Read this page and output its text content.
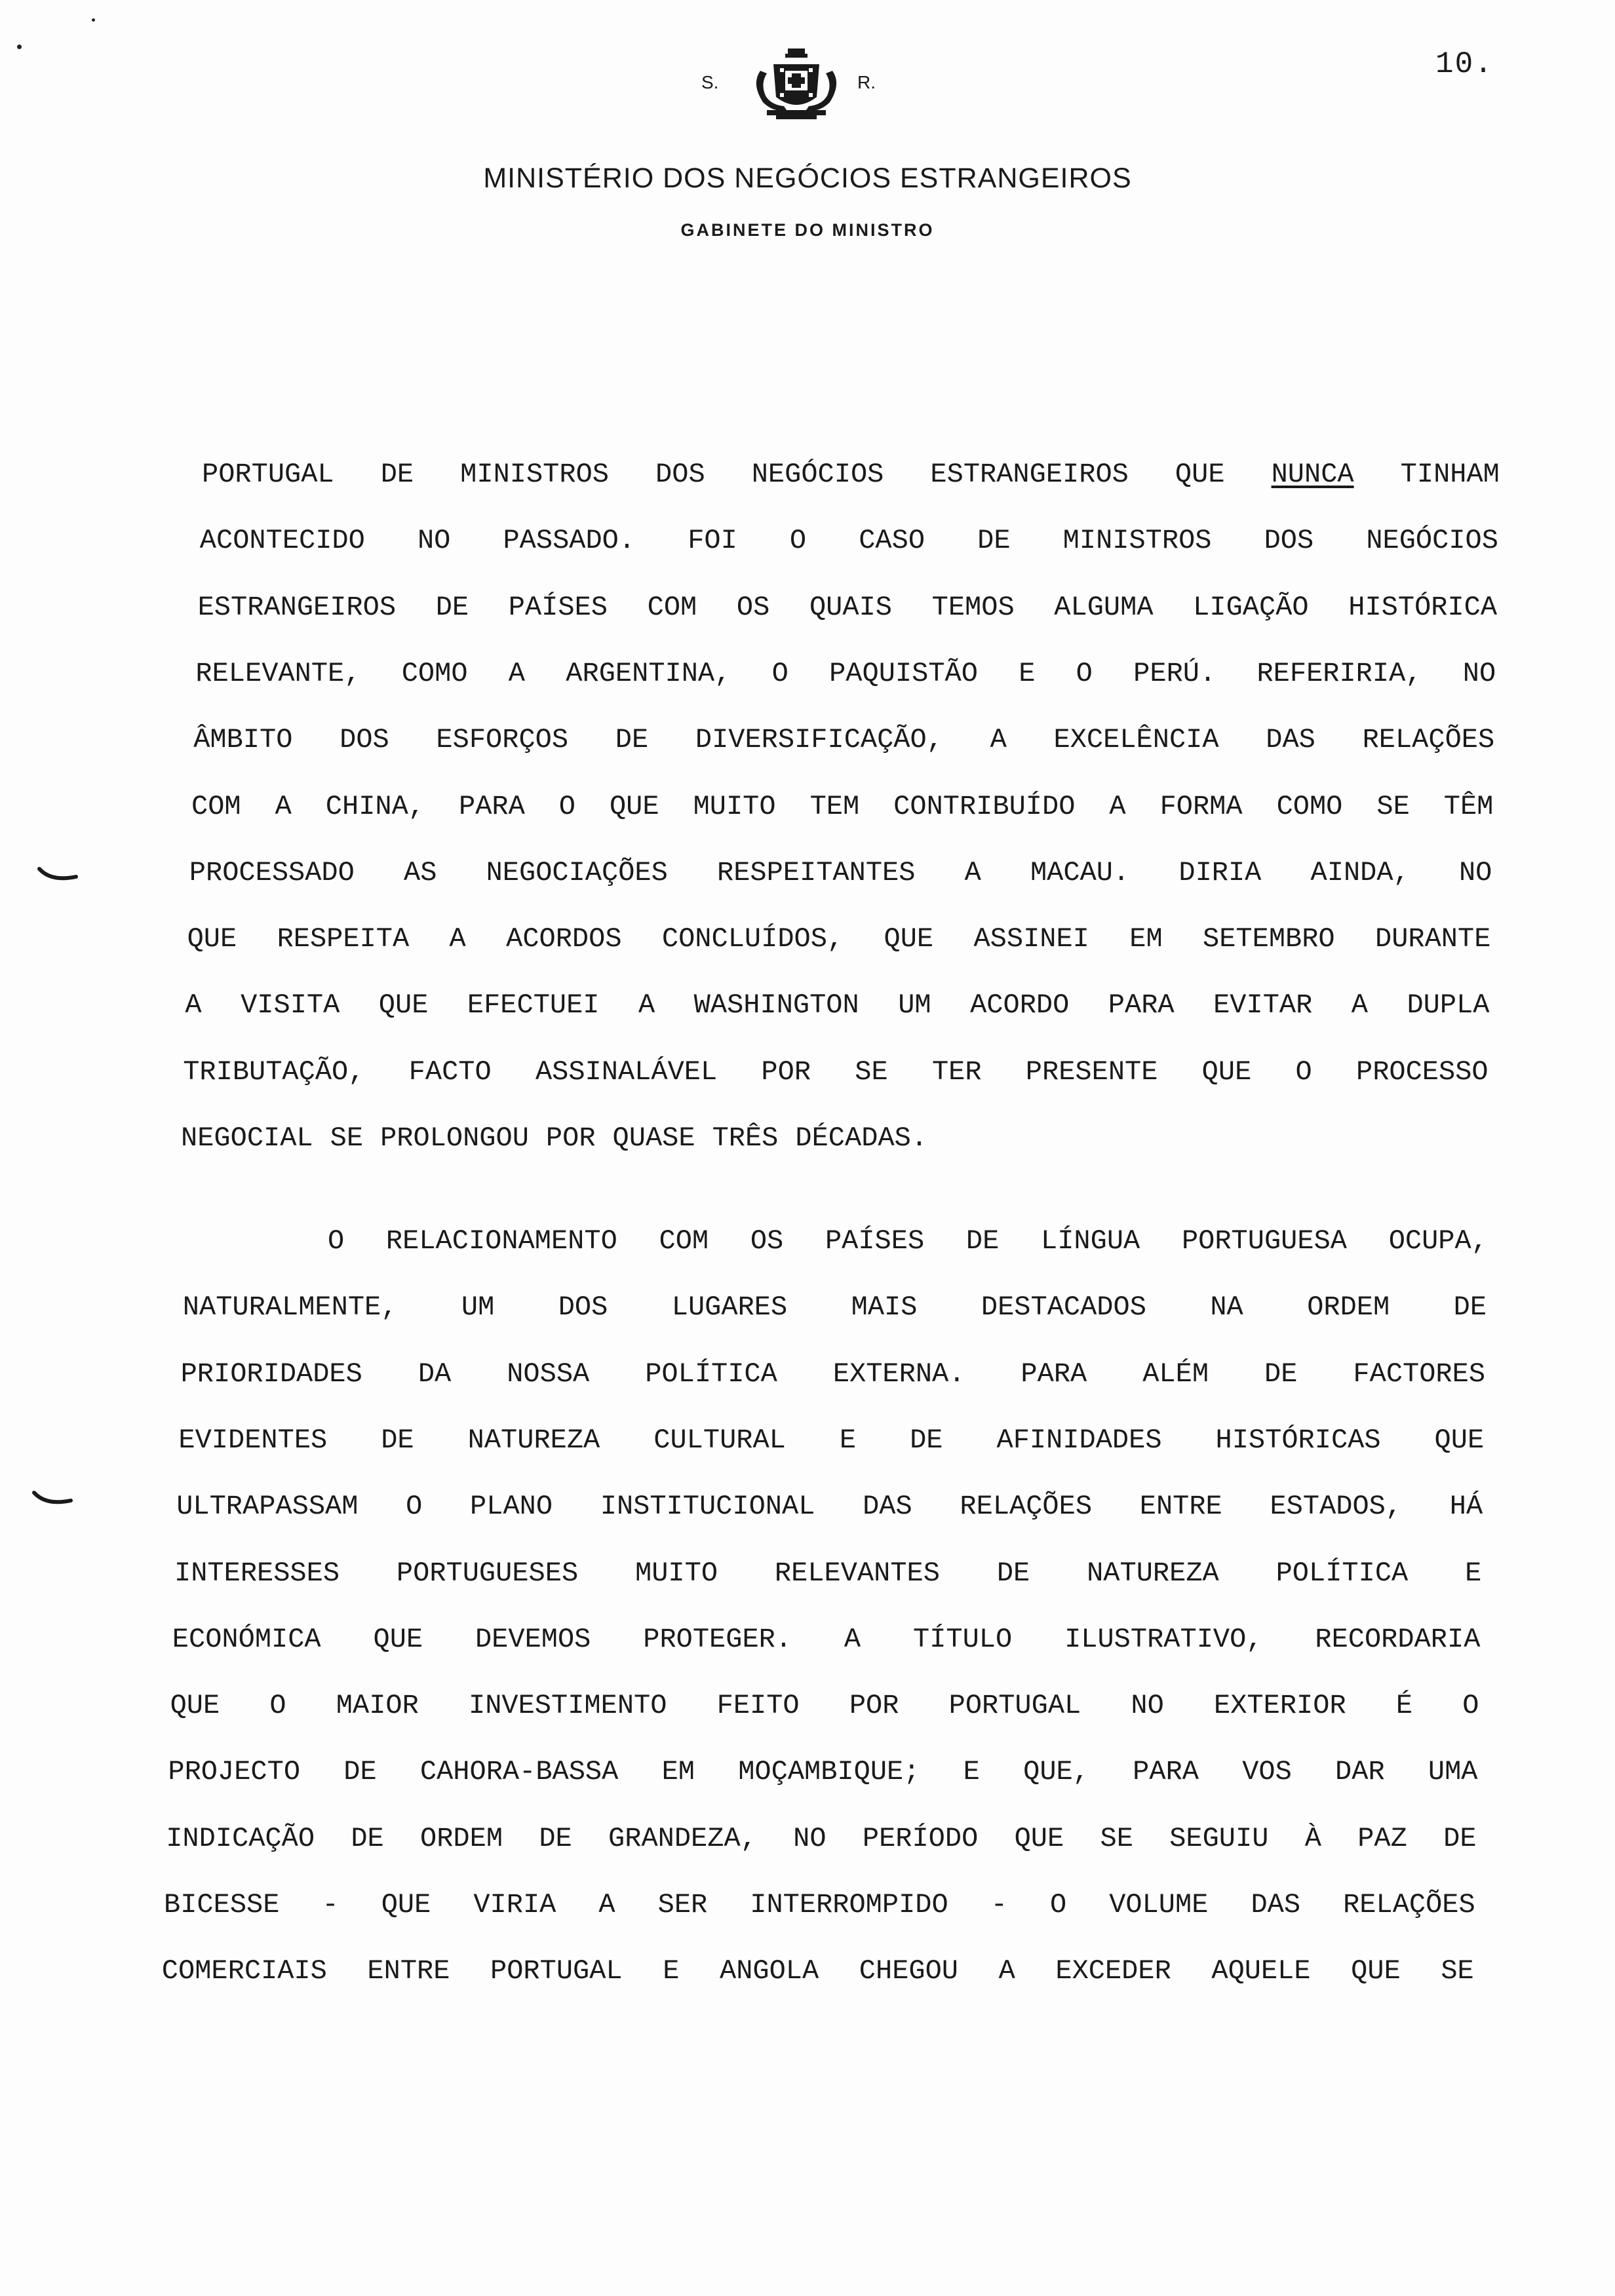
10.
S.	R.
MINISTÉRIO DOS NEGÓCIOS ESTRANGEIROS
GABINETE DO MINISTRO
PORTUGAL DE MINISTROS DOS NEGÓCIOS ESTRANGEIROS QUE NUNCA TINHAM
ACONTECIDO NO PASSADO. FOI O CASO DE MINISTROS DOS NEGÓCIOS
ESTRANGEIROS DE PAÍSES COM OS QUAIS TEMOS ALGUMA LIGAÇÃO HISTÓRICA
RELEVANTE, COMO A ARGENTINA, O PAQUISTÃO E O PERÚ. REFERIRIA, NO
ÂMBITO DOS ESFORÇOS DE DIVERSIFICAÇÃO, A EXCELÊNCIA DAS RELAÇÕES
COM A CHINA, PARA O QUE MUITO TEM CONTRIBUÍDO A FORMA COMO SE TÊM
PROCESSADO AS NEGOCIAÇÕES RESPEITANTES A MACAU. DIRIA AINDA, NO
QUE RESPEITA A ACORDOS CONCLUÍDOS, QUE ASSINEI EM SETEMBRO DURANTE
A VISITA QUE EFECTUEI A WASHINGTON UM ACORDO PARA EVITAR A DUPLA
TRIBUTAÇÃO, FACTO ASSINALÁVEL POR SE TER PRESENTE QUE O PROCESSO
NEGOCIAL SE PROLONGOU POR QUASE TRÊS DÉCADAS.
O RELACIONAMENTO COM OS PAÍSES DE LÍNGUA PORTUGUESA OCUPA,
NATURALMENTE, UM DOS LUGARES MAIS DESTACADOS NA ORDEM DE
PRIORIDADES DA NOSSA POLÍTICA EXTERNA. PARA ALÉM DE FACTORES
EVIDENTES DE NATUREZA CULTURAL E DE AFINIDADES HISTÓRICAS QUE
ULTRAPASSAM O PLANO INSTITUCIONAL DAS RELAÇÕES ENTRE ESTADOS, HÁ
INTERESSES PORTUGUESES MUITO RELEVANTES DE NATUREZA POLÍTICA E
ECONÓMICA QUE DEVEMOS PROTEGER. A TÍTULO ILUSTRATIVO, RECORDARIA
QUE O MAIOR INVESTIMENTO FEITO POR PORTUGAL NO EXTERIOR É O
PROJECTO DE CAHORA-BASSA EM MOÇAMBIQUE; E QUE, PARA VOS DAR UMA
INDICAÇÃO DE ORDEM DE GRANDEZA, NO PERÍODO QUE SE SEGUIU À PAZ DE
BICESSE - QUE VIRIA A SER INTERROMPIDO - O VOLUME DAS RELAÇÕES
COMERCIAIS ENTRE PORTUGAL E ANGOLA CHEGOU A EXCEDER AQUELE QUE SE
